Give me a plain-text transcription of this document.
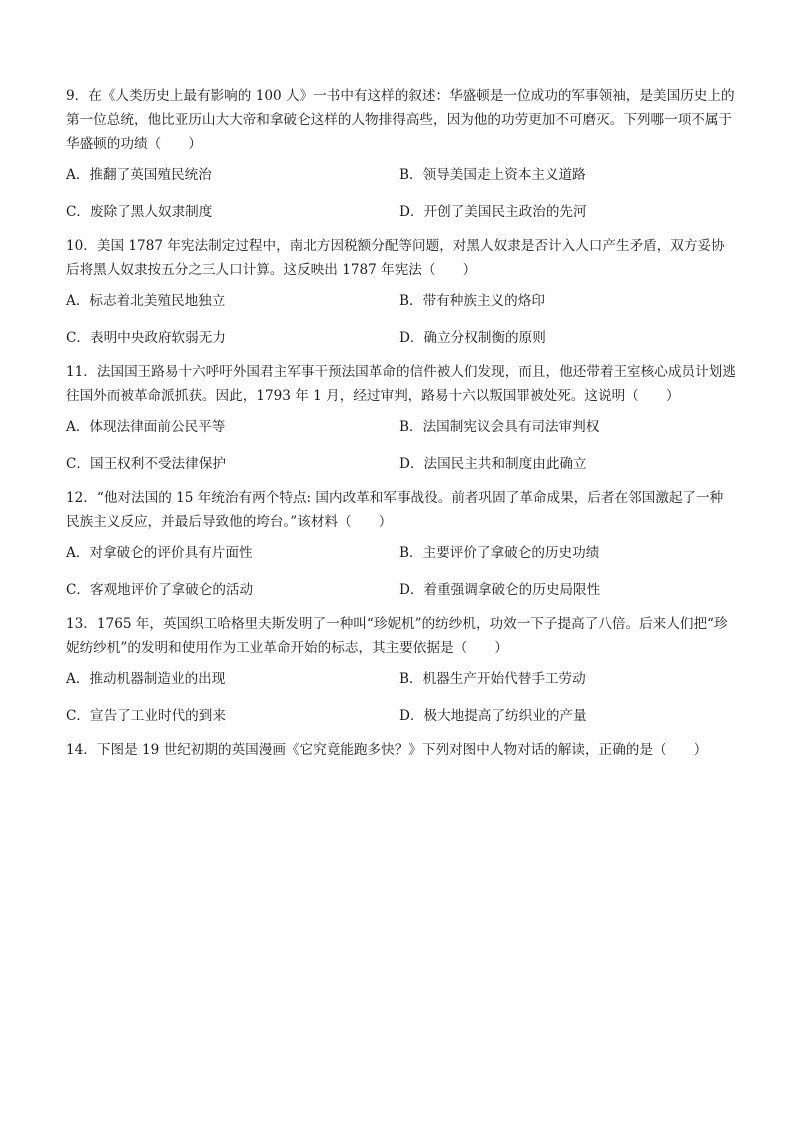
9．在《人类历史上最有影响的 100 人》一书中有这样的叙述：华盛顿是一位成功的军事领袖，是美国历史上的第一位总统，他比亚历山大大帝和拿破仑这样的人物排得高些，因为他的功劳更加不可磨灭。下列哪一项不属于华盛顿的功绩（　　）

A．推翻了英国殖民统治	B．领导美国走上资本主义道路
C．废除了黑人奴隶制度	D．开创了美国民主政治的先河

10．美国 1787 年宪法制定过程中，南北方因税额分配等问题，对黑人奴隶是否计入人口产生矛盾，双方妥协后将黑人奴隶按五分之三人口计算。这反映出 1787 年宪法（　　）

A．标志着北美殖民地独立	B．带有种族主义的烙印
C．表明中央政府软弱无力	D．确立分权制衡的原则

11．法国国王路易十六呼吁外国君主军事干预法国革命的信件被人们发现，而且，他还带着王室核心成员计划逃往国外而被革命派抓获。因此，1793 年 1 月，经过审判，路易十六以叛国罪被处死。这说明（　　）

A．体现法律面前公民平等	B．法国制宪议会具有司法审判权
C．国王权利不受法律保护	D．法国民主共和制度由此确立

12．“他对法国的 15 年统治有两个特点: 国内改革和军事战役。前者巩固了革命成果，后者在邻国激起了一种民族主义反应，并最后导致他的垮台。”该材料（　　）

A．对拿破仑的评价具有片面性	B．主要评价了拿破仑的历史功绩
C．客观地评价了拿破仑的活动	D．着重强调拿破仑的历史局限性

13．1765 年，英国织工哈格里夫斯发明了一种叫“珍妮机”的纺纱机，功效一下子提高了八倍。后来人们把“珍妮纺纱机”的发明和使用作为工业革命开始的标志，其主要依据是（　　）

A．推动机器制造业的出现	B．机器生产开始代替手工劳动
C．宣告了工业时代的到来	D．极大地提高了纺织业的产量

14．下图是 19 世纪初期的英国漫画《它究竟能跑多快？》下列对图中人物对话的解读，正确的是（　　）
